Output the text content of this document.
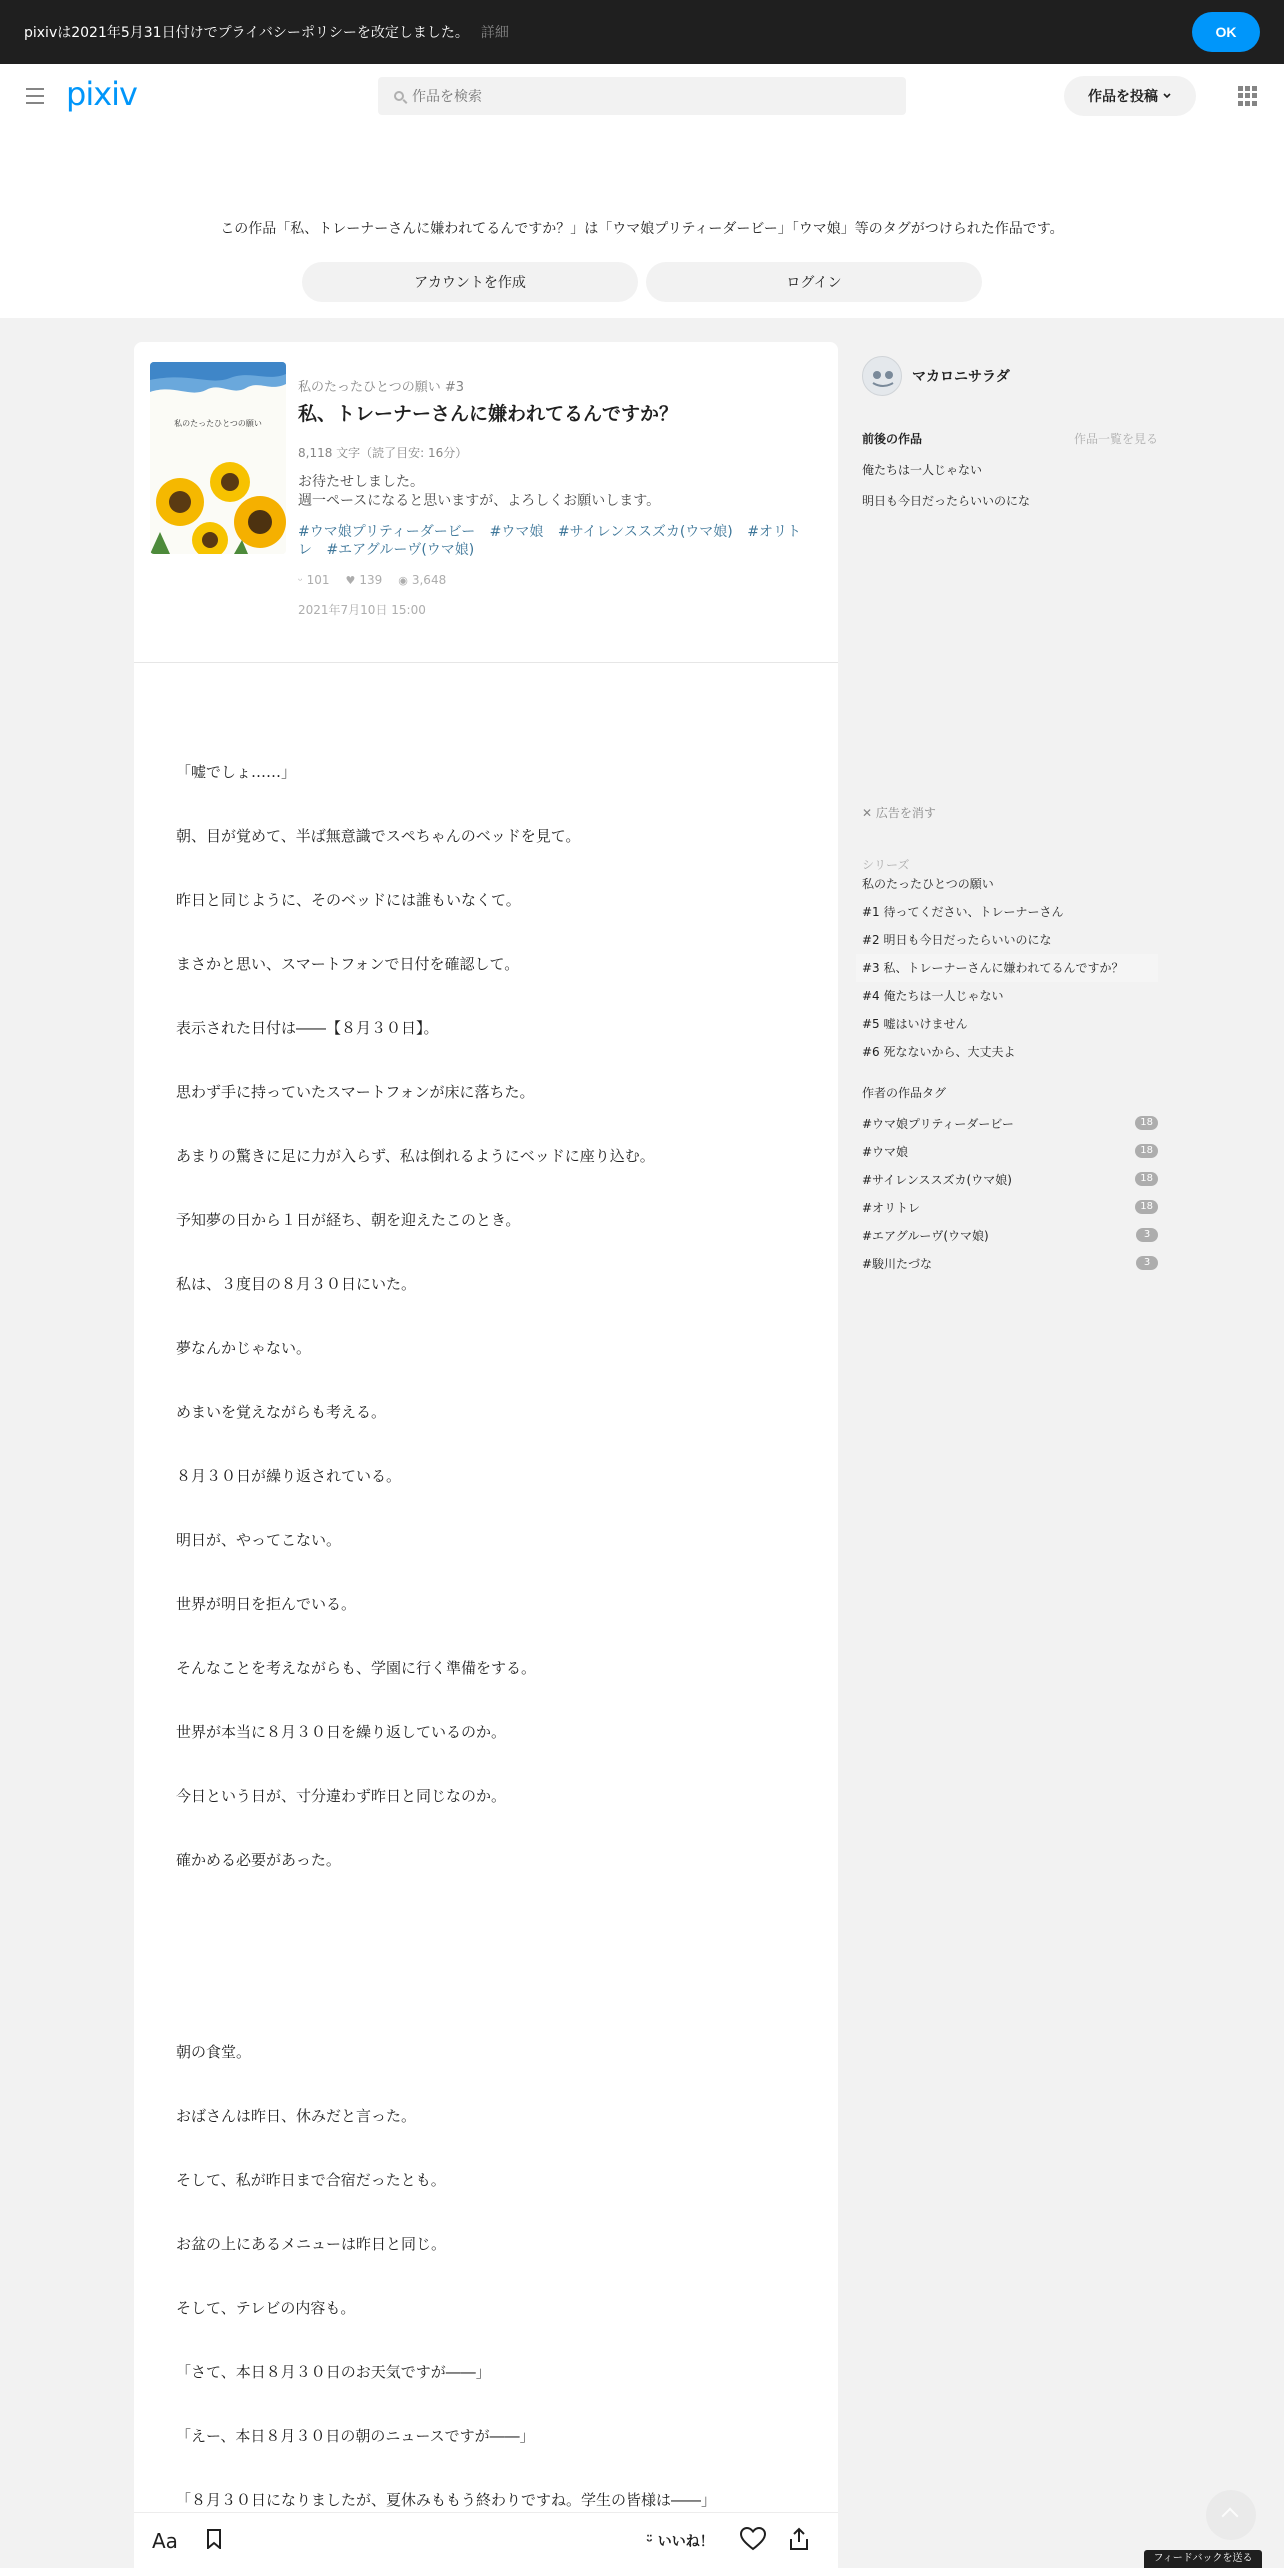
pixivは2021年5月31日付けでプライバシーポリシーを改定しました。 詳細	OK
pixiv
作品を検索	作品を投稿
この作品「私、トレーナーさんに嫌われてるんですか？」は「ウマ娘プリティーダービー」「ウマ娘」等のタグがつけられた作品です。
アカウントを作成	ログイン
私のたったひとつの願い
私のたったひとつの願い #3
私、トレーナーさんに嫌われてるんですか？
8,118 文字（読了目安: 16分）
お待たせしました。
週一ペースになると思いますが、よろしくお願いします。
#ウマ娘プリティーダービー #ウマ娘 #サイレンススズカ(ウマ娘) #オリトレ #エアグルーヴ(ウマ娘)
ᵕ 101 ♥ 139 ◉ 3,648
2021年7月10日 15:00

「嘘でしょ……」

朝、目が覚めて、半ば無意識でスペちゃんのベッドを見て。

昨日と同じように、そのベッドには誰もいなくて。

まさかと思い、スマートフォンで日付を確認して。

表示された日付は――【８月３０日】。

思わず手に持っていたスマートフォンが床に落ちた。

あまりの驚きに足に力が入らず、私は倒れるようにベッドに座り込む。

予知夢の日から１日が経ち、朝を迎えたこのとき。

私は、３度目の８月３０日にいた。

夢なんかじゃない。

めまいを覚えながらも考える。

８月３０日が繰り返されている。

明日が、やってこない。

世界が明日を拒んでいる。

そんなことを考えながらも、学園に行く準備をする。

世界が本当に８月３０日を繰り返しているのか。

今日という日が、寸分違わず昨日と同じなのか。

確かめる必要があった。

朝の食堂。

おばさんは昨日、休みだと言った。

そして、私が昨日まで合宿だったとも。

お盆の上にあるメニューは昨日と同じ。

そして、テレビの内容も。

「さて、本日８月３０日のお天気ですが――」

「えー、本日８月３０日の朝のニュースですが――」

「８月３０日になりましたが、夏休みももう終わりですね。学生の皆様は――」

Aa	ᵕ̈ いいね！
マカロニサラダ
前後の作品	作品一覧を見る
俺たちは一人じゃない
明日も今日だったらいいのにな
✕ 広告を消す
シリーズ
私のたったひとつの願い
#1 待ってください、トレーナーさん
#2 明日も今日だったらいいのにな
#3 私、トレーナーさんに嫌われてるんですか？
#4 俺たちは一人じゃない
#5 嘘はいけません
#6 死なないから、大丈夫よ
作者の作品タグ
#ウマ娘プリティーダービー	18
#ウマ娘	18
#サイレンススズカ(ウマ娘)	18
#オリトレ	18
#エアグルーヴ(ウマ娘)	3
#駿川たづな	3
フィードバックを送る
